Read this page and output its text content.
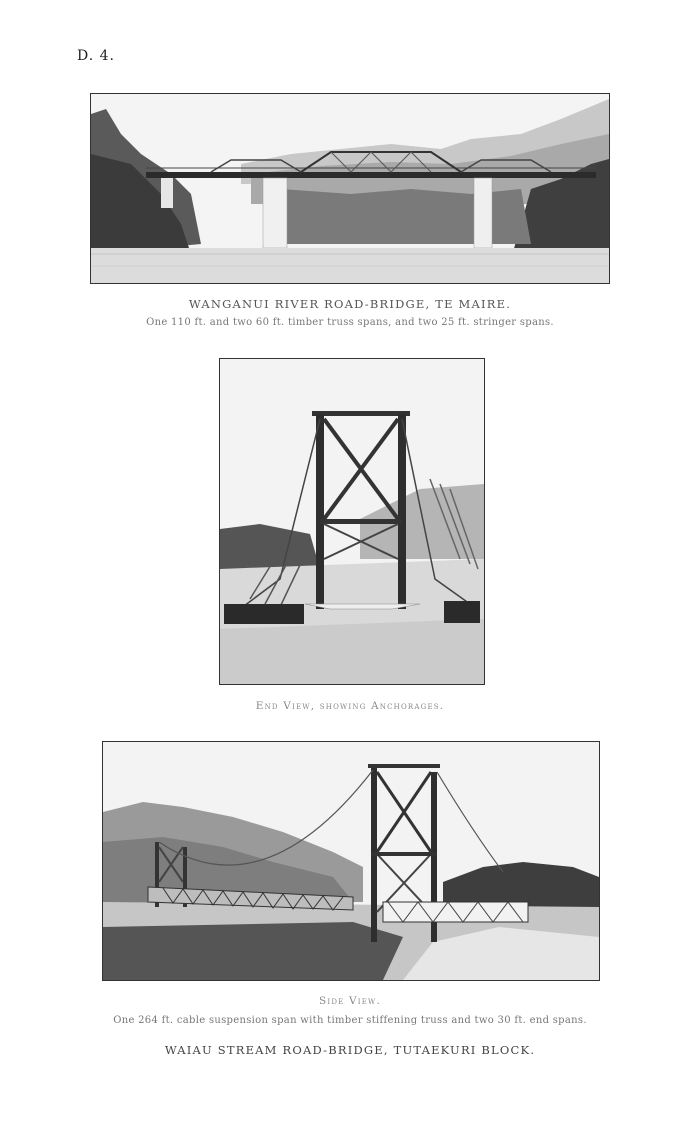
D. 4.
WANGANUI RIVER ROAD-BRIDGE, TE MAIRE.
One 110 ft. and two 60 ft. timber truss spans, and two 25 ft. stringer spans.
End View, showing Anchorages.
Side View.
One 264 ft. cable suspension span with timber stiffening truss and two 30 ft. end spans.
WAIAU STREAM ROAD-BRIDGE, TUTAEKURI BLOCK.
